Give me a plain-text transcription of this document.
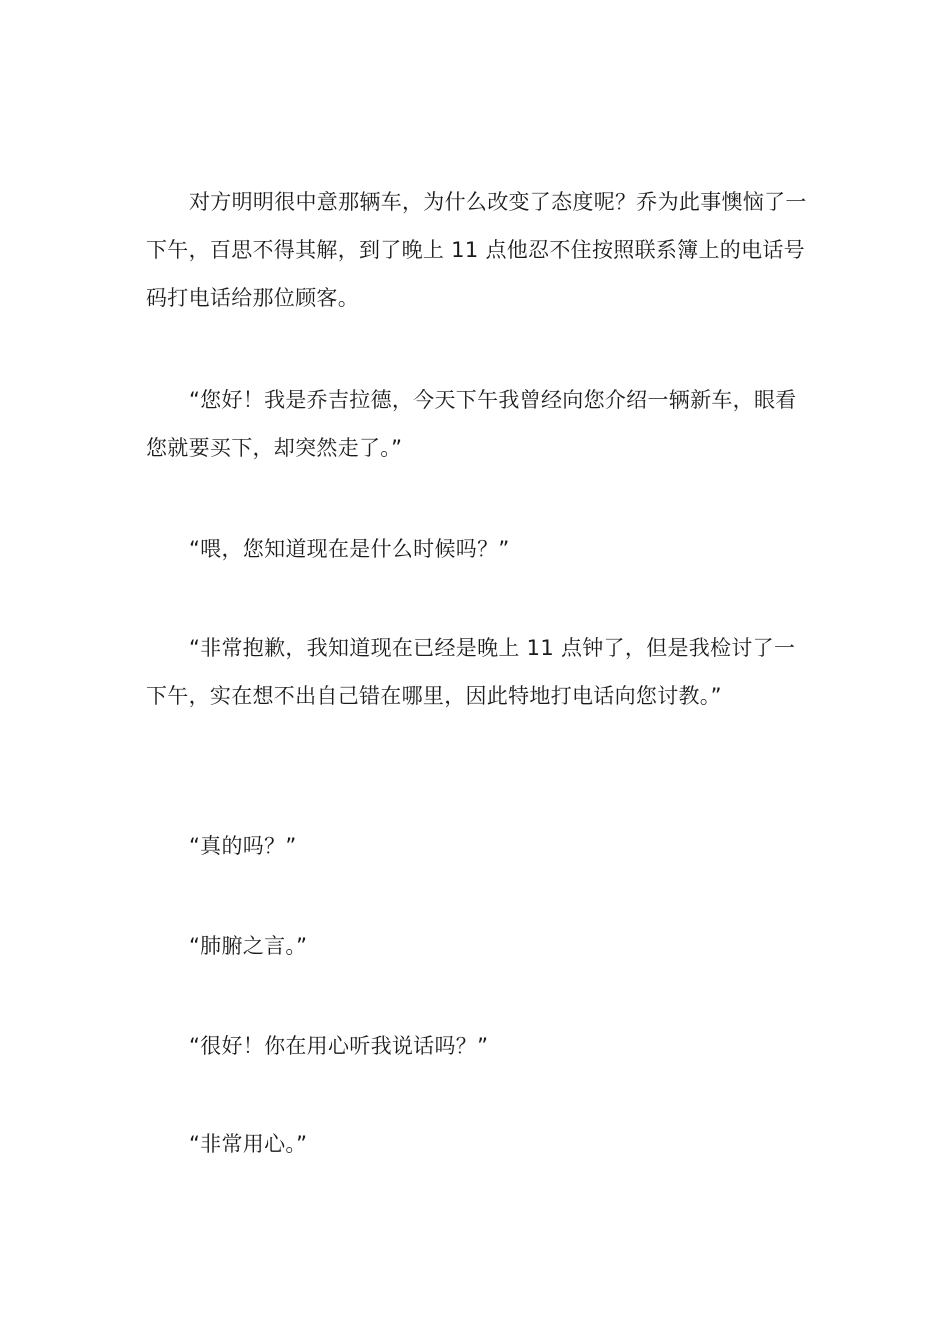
对方明明很中意那辆车，为什么改变了态度呢？乔为此事懊恼了一下午，百思不得其解，到了晚上 11 点他忍不住按照联系簿上的电话号码打电话给那位顾客。

“您好！我是乔吉拉德，今天下午我曾经向您介绍一辆新车，眼看您就要买下，却突然走了。”

“喂，您知道现在是什么时候吗？”

“非常抱歉，我知道现在已经是晚上 11 点钟了，但是我检讨了一下午，实在想不出自己错在哪里，因此特地打电话向您讨教。”

“真的吗？”

“肺腑之言。”

“很好！你在用心听我说话吗？”

“非常用心。”
